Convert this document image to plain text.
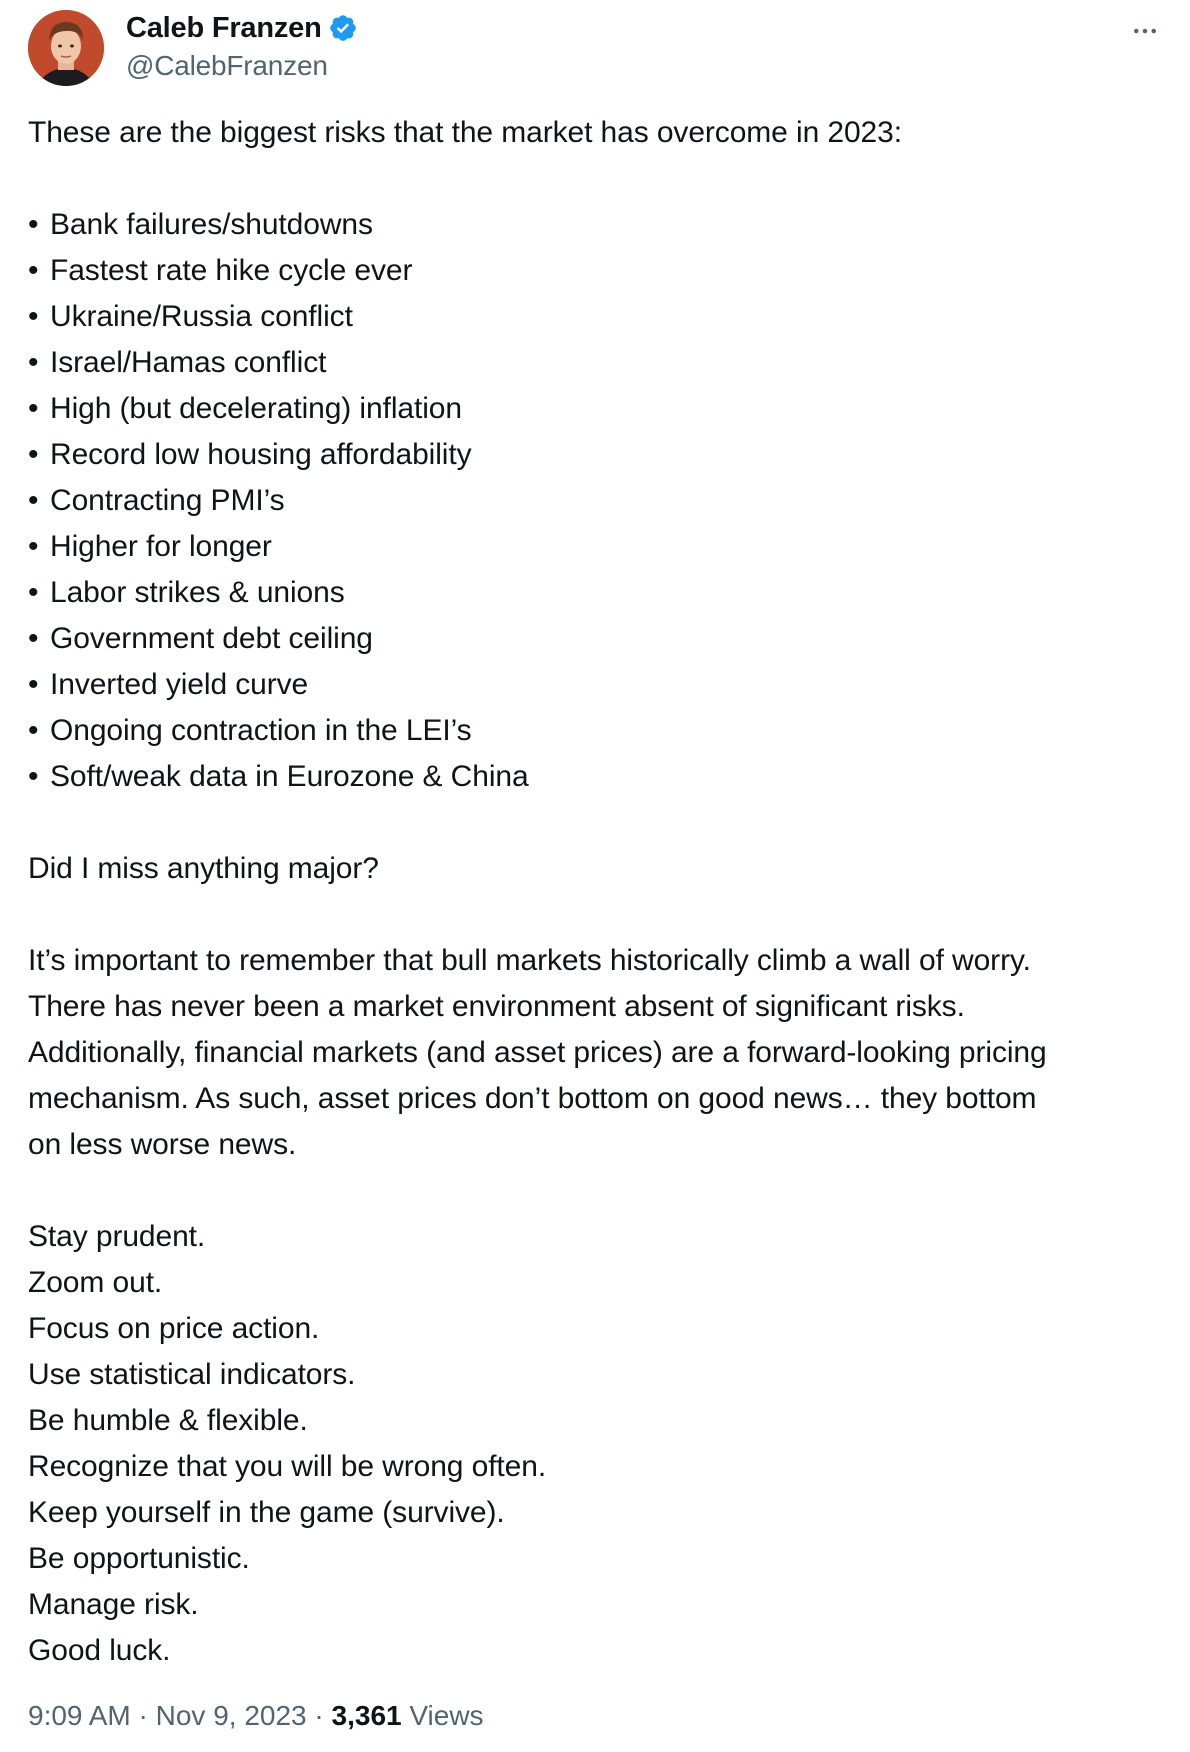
Caleb Franzen
@CalebFranzen

These are the biggest risks that the market has overcome in 2023:

• Bank failures/shutdowns

• Fastest rate hike cycle ever

• Ukraine/Russia conflict

• Israel/Hamas conflict

• High (but decelerating) inflation

• Record low housing affordability

• Contracting PMI’s

• Higher for longer

• Labor strikes & unions

• Government debt ceiling

• Inverted yield curve

• Ongoing contraction in the LEI’s

• Soft/weak data in Eurozone & China

Did I miss anything major?

It’s important to remember that bull markets historically climb a wall of worry.

There has never been a market environment absent of significant risks.

Additionally, financial markets (and asset prices) are a forward-looking pricing

mechanism. As such, asset prices don’t bottom on good news… they bottom

on less worse news.

Stay prudent.

Zoom out.

Focus on price action.

Use statistical indicators.

Be humble & flexible.

Recognize that you will be wrong often.

Keep yourself in the game (survive).

Be opportunistic.

Manage risk.

Good luck.

9:09 AM · Nov 9, 2023 · 3,361 Views
